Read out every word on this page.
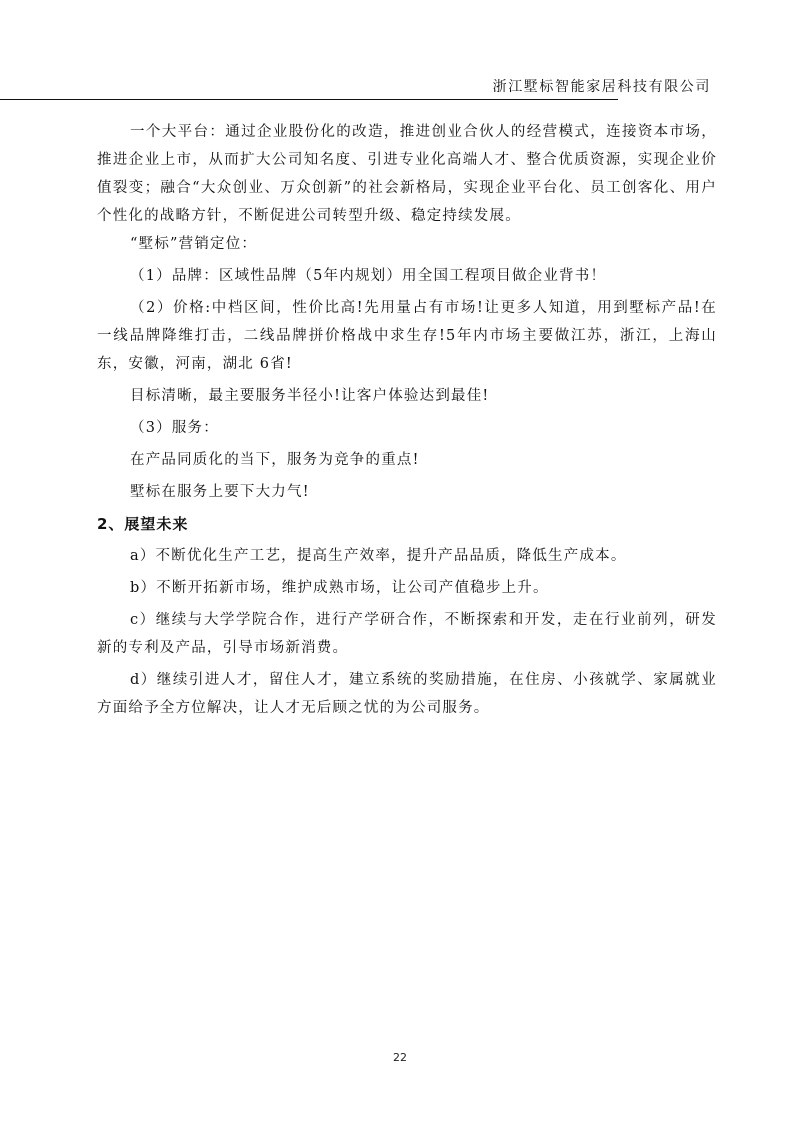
浙江墅标智能家居科技有限公司

一个大平台：通过企业股份化的改造，推进创业合伙人的经营模式，连接资本市场，推进企业上市，从而扩大公司知名度、引进专业化高端人才、整合优质资源，实现企业价值裂变；融合“大众创业、万众创新”的社会新格局，实现企业平台化、员工创客化、用户个性化的战略方针，不断促进公司转型升级、稳定持续发展。

“墅标”营销定位：

（1）品牌：区域性品牌（5年内规划）用全国工程项目做企业背书！

（2）价格:中档区间，性价比高!先用量占有市场!让更多人知道，用到墅标产品!在一线品牌降维打击，二线品牌拼价格战中求生存!5年内市场主要做江苏，浙江，上海山东，安徽，河南，湖北 6省!

目标清晰，最主要服务半径小!让客户体验达到最佳!

（3）服务：

在产品同质化的当下，服务为竞争的重点!

墅标在服务上要下大力气!

2、展望未来

a）不断优化生产工艺，提高生产效率，提升产品品质，降低生产成本。

b）不断开拓新市场，维护成熟市场，让公司产值稳步上升。

c）继续与大学学院合作，进行产学研合作，不断探索和开发，走在行业前列，研发新的专利及产品，引导市场新消费。

d）继续引进人才，留住人才，建立系统的奖励措施，在住房、小孩就学、家属就业方面给予全方位解决，让人才无后顾之忧的为公司服务。

22
